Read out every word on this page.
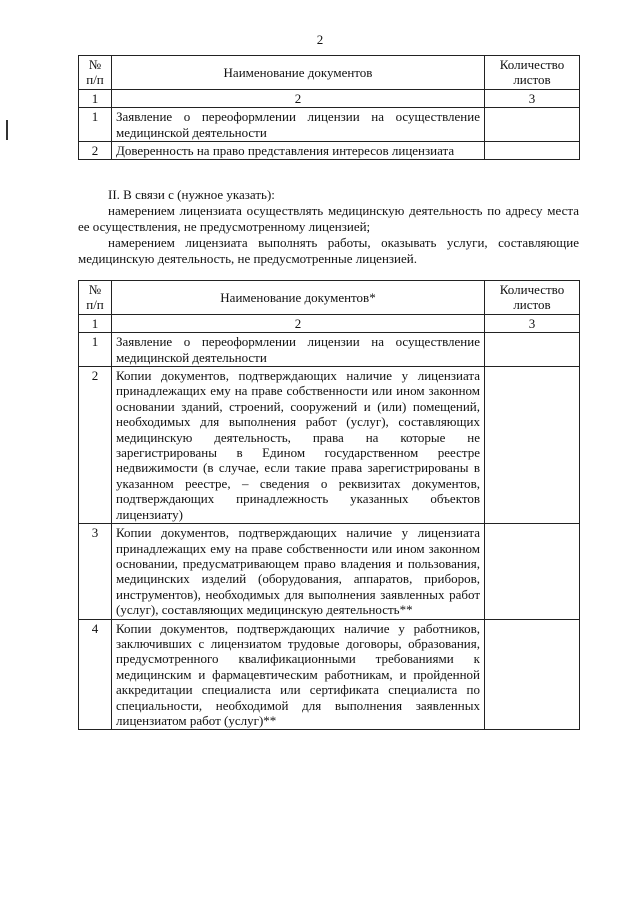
2
№ п/п	Наименование документов	Количество листов
1	2	3
1	Заявление о переоформлении лицензии на осуществление медицинской деятельности	
2	Доверенность на право представления интересов лицензиата	

II. В связи с (нужное указать):

намерением лицензиата осуществлять медицинскую деятельность по адресу места ее осуществления, не предусмотренному лицензией;

намерением лицензиата выполнять работы, оказывать услуги, составляющие медицинскую деятельность, не предусмотренные лицензией.

№ п/п	Наименование документов*	Количество листов
1	2	3
1	Заявление о переоформлении лицензии на осуществление медицинской деятельности	
2	Копии документов, подтверждающих наличие у лицензиата принадлежащих ему на праве собственности или ином законном основании зданий, строений, сооружений и (или) помещений, необходимых для выполнения работ (услуг), составляющих медицинскую деятельность, права на которые не зарегистрированы в Едином государственном реестре недвижимости (в случае, если такие права зарегистрированы в указанном реестре, – сведения о реквизитах документов, подтверждающих принадлежность указанных объектов лицензиату)	
3	Копии документов, подтверждающих наличие у лицензиата принадлежащих ему на праве собственности или ином законном основании, предусматривающем право владения и пользования, медицинских изделий (оборудования, аппаратов, приборов, инструментов), необходимых для выполнения заявленных работ (услуг), составляющих медицинскую деятельность**	
4	Копии документов, подтверждающих наличие у работников, заключивших с лицензиатом трудовые договоры, образования, предусмотренного квалификационными требованиями к медицинским и фармацевтическим работникам, и пройденной аккредитации специалиста или сертификата специалиста по специальности, необходимой для выполнения заявленных лицензиатом работ (услуг)**	
